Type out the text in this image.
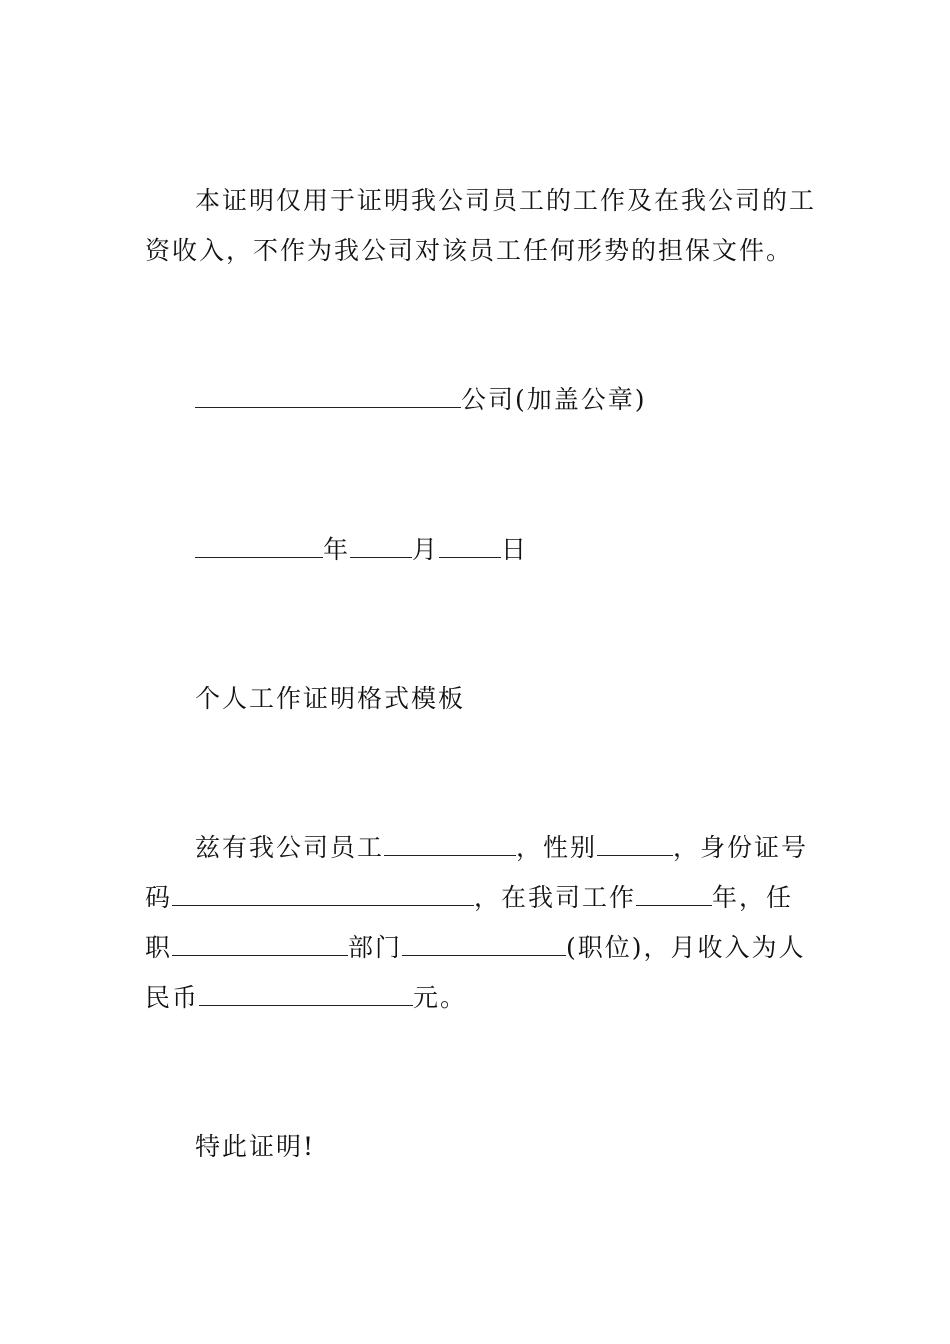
本证明仅用于证明我公司员工的工作及在我公司的工
资收入，不作为我公司对该员工任何形势的担保文件。
公司(加盖公章)
年 月 日
个人工作证明格式模板
兹有我公司员工	，性别	，身份证号
码	，在我司工作	年，任
职	部门	(职位)，月收入为人
民币	元。
特此证明!
